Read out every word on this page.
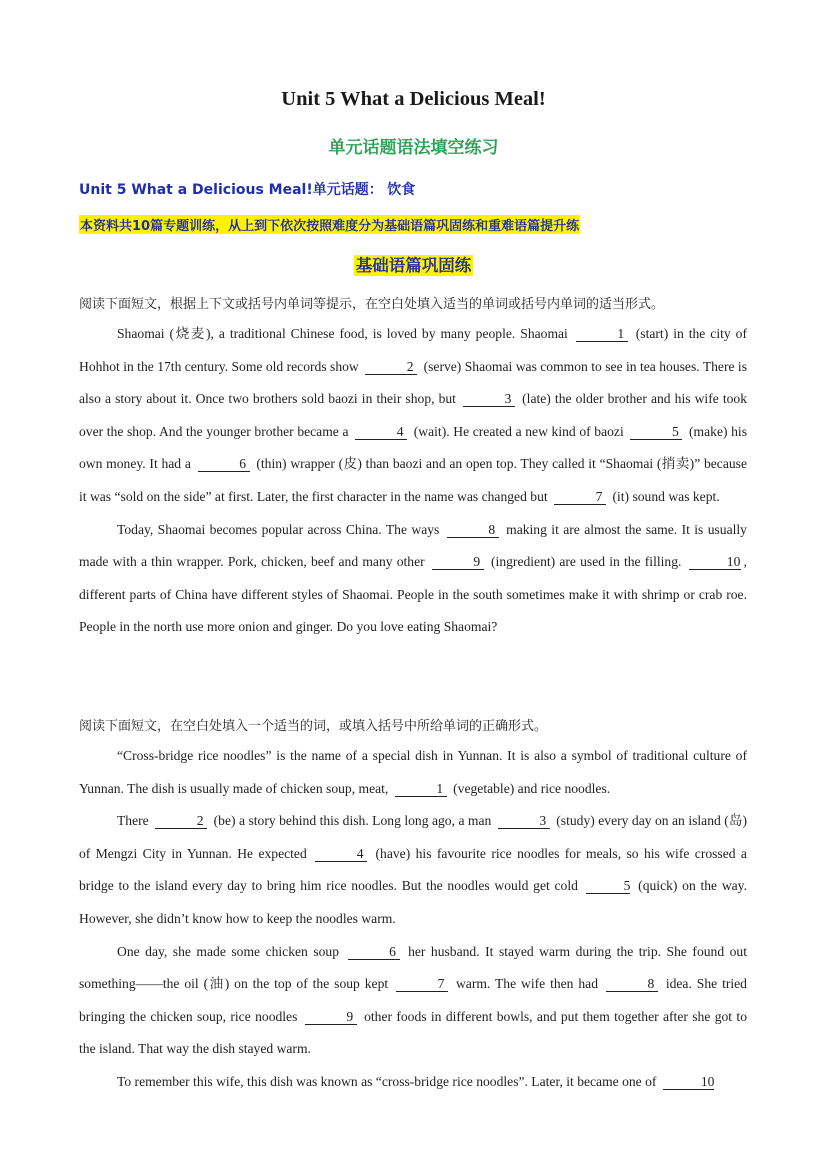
Unit 5 What a Delicious Meal!
单元话题语法填空练习
Unit 5 What a Delicious Meal!单元话题： 饮食
本资料共10篇专题训练，从上到下依次按照难度分为基础语篇巩固练和重难语篇提升练
基础语篇巩固练
阅读下面短文，根据上下文或括号内单词等提示，在空白处填入适当的单词或括号内单词的适当形式。

Shaomai (烧麦), a traditional Chinese food, is loved by many people. Shaomai	1 (start) in the city of Hohhot in the 17th century. Some old records show	2 (serve) Shaomai was common to see in tea houses. There is also a story about it. Once two brothers sold baozi in their shop, but	3 (late) the older brother and his wife took over the shop. And the younger brother became a	4 (wait). He created a new kind of baozi	5 (make) his own money. It had a	6 (thin) wrapper (皮) than baozi and an open top. They called it “Shaomai (捎卖)” because it was “sold on the side” at first. Later, the first character in the name was changed but	7 (it) sound was kept.

Today, Shaomai becomes popular across China. The ways	8 making it are almost the same. It is usually made with a thin wrapper. Pork, chicken, beef and many other	9 (ingredient) are used in the filling.	10 , different parts of China have different styles of Shaomai. People in the south sometimes make it with shrimp or crab roe. People in the north use more onion and ginger. Do you love eating Shaomai?

阅读下面短文，在空白处填入一个适当的词，或填入括号中所给单词的正确形式。

“Cross-bridge rice noodles” is the name of a special dish in Yunnan. It is also a symbol of traditional culture of Yunnan. The dish is usually made of chicken soup, meat,	1 (vegetable) and rice noodles.

There	2 (be) a story behind this dish. Long long ago, a man	3 (study) every day on an island (岛) of Mengzi City in Yunnan. He expected	4 (have) his favourite rice noodles for meals, so his wife crossed a bridge to the island every day to bring him rice noodles. But the noodles would get cold	5 (quick) on the way. However, she didn’t know how to keep the noodles warm.

One day, she made some chicken soup	6 her husband. It stayed warm during the trip. She found out something——the oil (油) on the top of the soup kept	7 warm. The wife then had	8 idea. She tried bringing the chicken soup, rice noodles	9 other foods in different bowls, and put them together after she got to the island. That way the dish stayed warm.

To remember this wife, this dish was known as “cross-bridge rice noodles”. Later, it became one of	10
